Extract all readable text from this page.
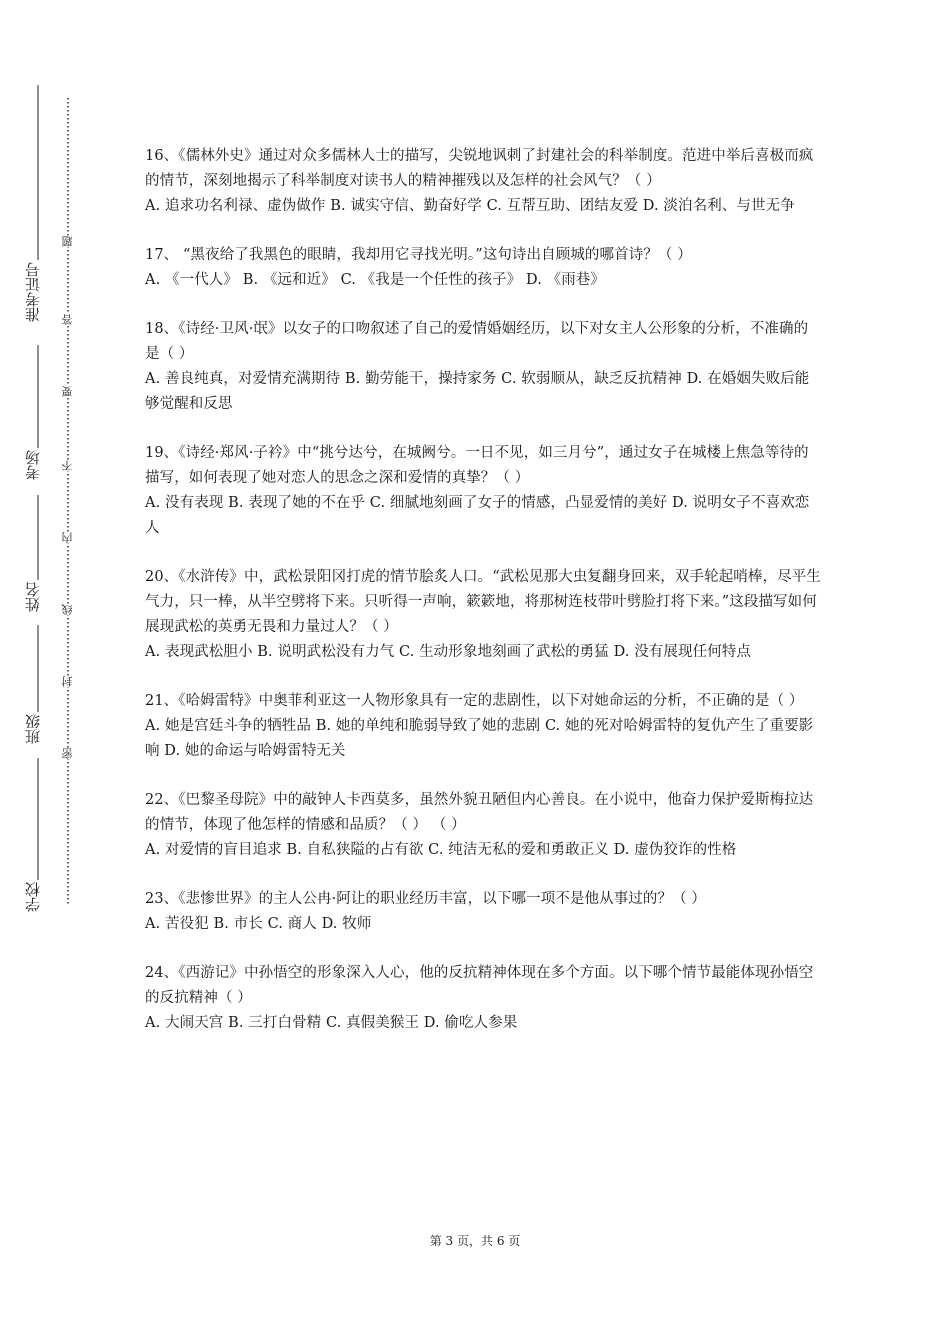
准考证号
考场
姓名
班级
学校
题
答
要
不
内
线
封
密
16、《儒林外史》通过对众多儒林人士的描写，尖锐地讽刺了封建社会的科举制度。范进中举后喜极而疯的情节，深刻地揭示了科举制度对读书人的精神摧残以及怎样的社会风气？（ ）
A. 追求功名利禄、虚伪做作 B. 诚实守信、勤奋好学 C. 互帮互助、团结友爱 D. 淡泊名利、与世无争
17、 “黑夜给了我黑色的眼睛，我却用它寻找光明。”这句诗出自顾城的哪首诗？（ ）
A. 《一代人》 B. 《远和近》 C. 《我是一个任性的孩子》 D. 《雨巷》
18、《诗经·卫风·氓》以女子的口吻叙述了自己的爱情婚姻经历，以下对女主人公形象的分析，不准确的是（ ）
A. 善良纯真，对爱情充满期待 B. 勤劳能干，操持家务 C. 软弱顺从，缺乏反抗精神 D. 在婚姻失败后能够觉醒和反思
19、《诗经·郑风·子衿》中“挑兮达兮，在城阙兮。一日不见，如三月兮”，通过女子在城楼上焦急等待的描写，如何表现了她对恋人的思念之深和爱情的真挚？（ ）
A. 没有表现 B. 表现了她的不在乎 C. 细腻地刻画了女子的情感，凸显爱情的美好 D. 说明女子不喜欢恋人
20、《水浒传》中，武松景阳冈打虎的情节脍炙人口。“武松见那大虫复翻身回来，双手轮起哨棒，尽平生气力，只一棒，从半空劈将下来。只听得一声响，簌簌地，将那树连枝带叶劈脸打将下来。”这段描写如何展现武松的英勇无畏和力量过人？（ ）
A. 表现武松胆小 B. 说明武松没有力气 C. 生动形象地刻画了武松的勇猛 D. 没有展现任何特点
21、《哈姆雷特》中奥菲利亚这一人物形象具有一定的悲剧性，以下对她命运的分析，不正确的是（ ）
A. 她是宫廷斗争的牺牲品 B. 她的单纯和脆弱导致了她的悲剧 C. 她的死对哈姆雷特的复仇产生了重要影响 D. 她的命运与哈姆雷特无关
22、《巴黎圣母院》中的敲钟人卡西莫多，虽然外貌丑陋但内心善良。在小说中，他奋力保护爱斯梅拉达的情节，体现了他怎样的情感和品质？（ ） （ ）
A. 对爱情的盲目追求 B. 自私狭隘的占有欲 C. 纯洁无私的爱和勇敢正义 D. 虚伪狡诈的性格
23、《悲惨世界》的主人公冉·阿让的职业经历丰富，以下哪一项不是他从事过的？（ ）
A. 苦役犯 B. 市长 C. 商人 D. 牧师
24、《西游记》中孙悟空的形象深入人心，他的反抗精神体现在多个方面。以下哪个情节最能体现孙悟空的反抗精神（ ）
A. 大闹天宫 B. 三打白骨精 C. 真假美猴王 D. 偷吃人参果
第 3 页，共 6 页
